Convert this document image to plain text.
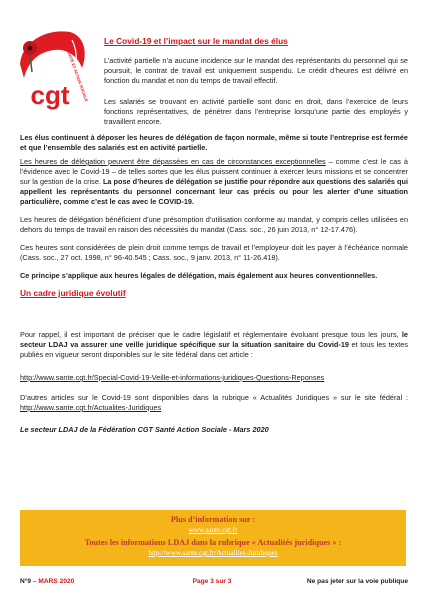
cgt
SANTÉ ET ACTION SOCIALE
Le Covid-19 et l’impact sur le mandat des élus

L’activité partielle n’a aucune incidence sur le mandat des représentants du personnel qui se poursuit, le contrat de travail est uniquement suspendu. Le crédit d’heures est délivré en fonction du mandat et non du temps de travail effectif.

Les salariés se trouvant en activité partielle sont donc en droit, dans l’exercice de leurs fonctions représentatives, de pénétrer dans l’entreprise lorsqu’une partie des employés y travaillent encore.

Les élus continuent à déposer les heures de délégation de façon normale, même si toute l’entreprise est fermée et que l’ensemble des salariés est en activité partielle.

Les heures de délégation peuvent être dépassées en cas de circonstances exceptionnelles – comme c’est le cas à l’évidence avec le Covid-19 – de telles sortes que les élus puissent continuer à exercer leurs missions et se concentrer sur la gestion de la crise. La pose d’heures de délégation se justifie pour répondre aux questions des salariés qui appellent les représentants du personnel concernant leur cas précis ou pour les alerter d’une situation particulière, comme c’est le cas avec le COVID-19.

Les heures de délégation bénéficient d’une présomption d’utilisation conforme au mandat, y compris celles utilisées en dehors du temps de travail en raison des nécessités du mandat (Cass. soc., 26 juin 2013, n° 12-17.476).

Ces heures sont considérées de plein droit comme temps de travail et l’employeur doit les payer à l’échéance normale (Cass. soc., 27 oct. 1998, n° 96-40.545 ; Cass. soc., 9 janv. 2013, n° 11-26.418).

Ce principe s’applique aux heures légales de délégation, mais également aux heures conventionnelles.

Un cadre juridique évolutif

Pour rappel, il est important de préciser que le cadre législatif et réglementaire évoluant presque tous les jours, le secteur LDAJ va assurer une veille juridique spécifique sur la situation sanitaire du Covid-19 et tous les textes publiés en vigueur seront disponibles sur le site fédéral dans cet article :

http://www.sante.cgt.fr/Special-Covid-19-Veille-et-informations-juridiques-Questions-Reponses

D’autres articles sur le Covid-19 sont disponibles dans la rubrique « Actualités Juridiques » sur le site fédéral : http://www.sante.cgt.fr/Actualites-Juridiques

Le secteur LDAJ de la Fédération CGT Santé Action Sociale - Mars 2020

Plus d’information sur :
www.sante.cgt.fr
Toutes les informations LDAJ dans la rubrique « Actualités juridiques » :
http://www.sante.cgt.fr/Actualites-Juridiques
N°9 – MARS 2020	Page 3 sur 3	Ne pas jeter sur la voie publique
